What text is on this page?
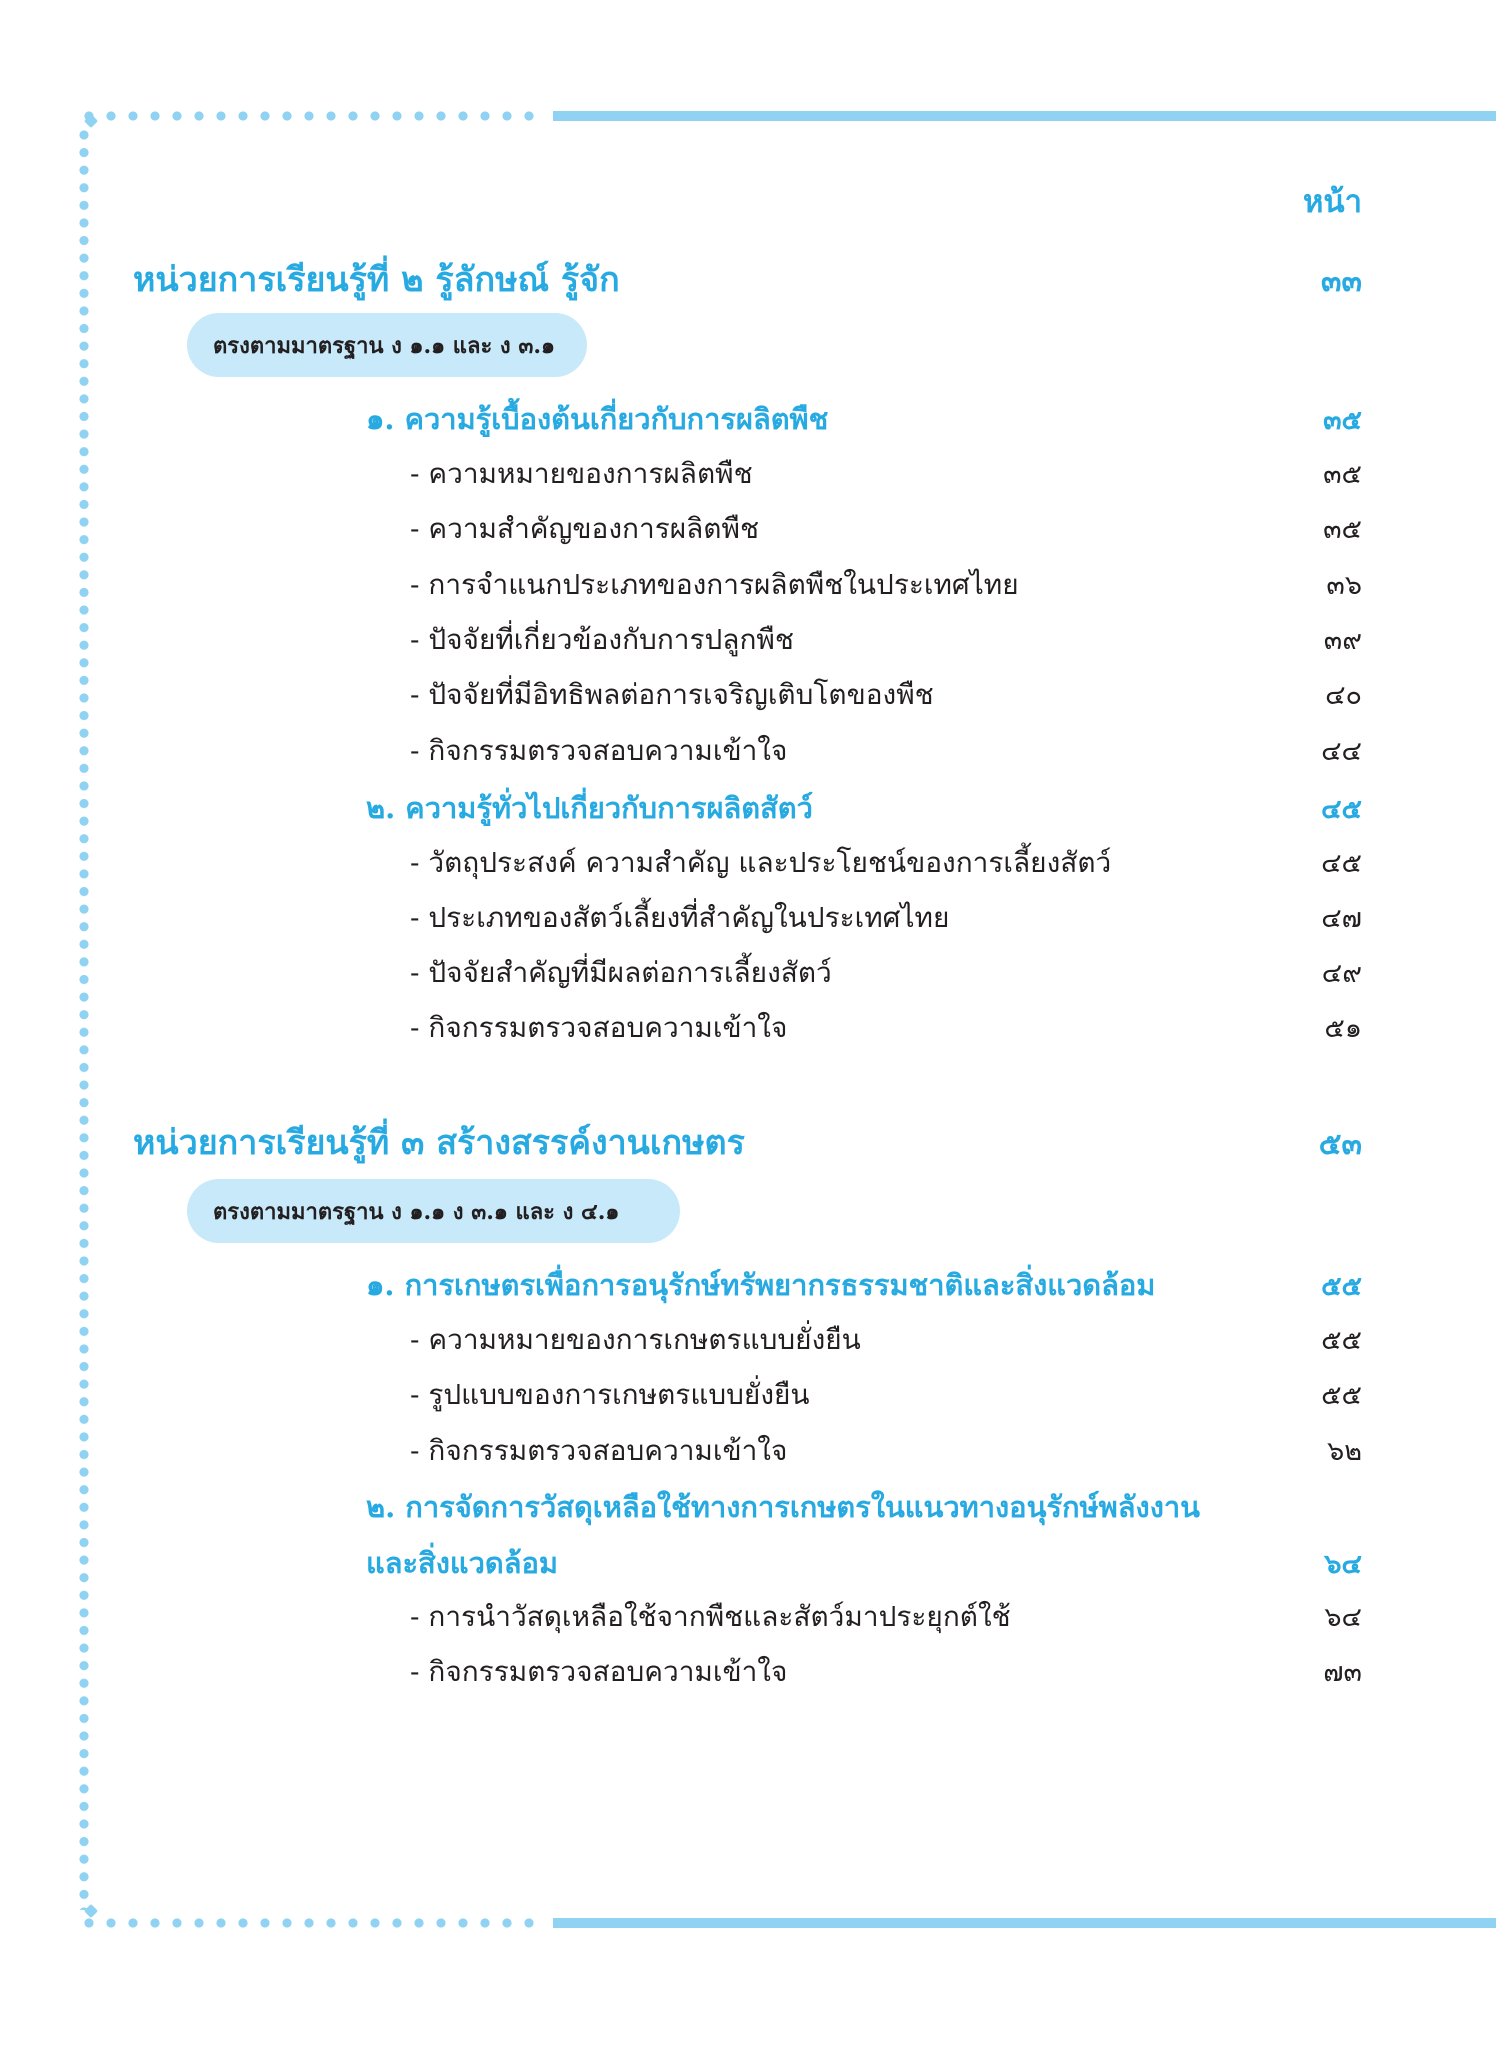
หน้า
หน่วยการเรียนรู้ที่ ๒ รู้ลักษณ์ รู้จัก	๓๓
ตรงตามมาตรฐาน ง ๑.๑ และ ง ๓.๑
๑. ความรู้เบื้องต้นเกี่ยวกับการผลิตพืช	๓๕
- ความหมายของการผลิตพืช	๓๕
- ความสำคัญของการผลิตพืช	๓๕
- การจำแนกประเภทของการผลิตพืชในประเทศไทย	๓๖
- ปัจจัยที่เกี่ยวข้องกับการปลูกพืช	๓๙
- ปัจจัยที่มีอิทธิพลต่อการเจริญเติบโตของพืช	๔๐
- กิจกรรมตรวจสอบความเข้าใจ	๔๔
๒. ความรู้ทั่วไปเกี่ยวกับการผลิตสัตว์	๔๕
- วัตถุประสงค์ ความสำคัญ และประโยชน์ของการเลี้ยงสัตว์	๔๕
- ประเภทของสัตว์เลี้ยงที่สำคัญในประเทศไทย	๔๗
- ปัจจัยสำคัญที่มีผลต่อการเลี้ยงสัตว์	๔๙
- กิจกรรมตรวจสอบความเข้าใจ	๕๑
หน่วยการเรียนรู้ที่ ๓ สร้างสรรค์งานเกษตร	๕๓
ตรงตามมาตรฐาน ง ๑.๑ ง ๓.๑ และ ง ๔.๑
๑. การเกษตรเพื่อการอนุรักษ์ทรัพยากรธรรมชาติและสิ่งแวดล้อม	๕๕
- ความหมายของการเกษตรแบบยั่งยืน	๕๕
- รูปแบบของการเกษตรแบบยั่งยืน	๕๕
- กิจกรรมตรวจสอบความเข้าใจ	๖๒
๒. การจัดการวัสดุเหลือใช้ทางการเกษตรในแนวทางอนุรักษ์พลังงาน
และสิ่งแวดล้อม	๖๔
- การนำวัสดุเหลือใช้จากพืชและสัตว์มาประยุกต์ใช้	๖๔
- กิจกรรมตรวจสอบความเข้าใจ	๗๓
